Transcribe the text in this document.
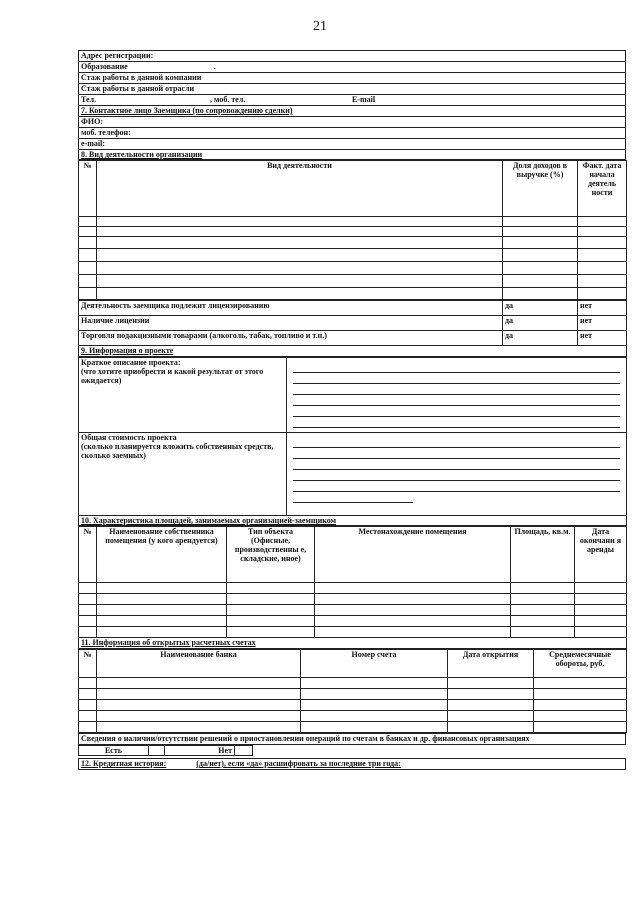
21
Адрес регистрации:
Образование	.
Стаж работы в данной компании
Стаж работы в данной отрасли
Тел.	, моб. тел.	E-mail

7. Контактное лицо Заемщика (по сопровождению сделки)
ФИО:
моб. телефон:
e-mail:
8. Вид деятельности организации
№	Вид деятельности	Доля доходов в выручке (%)	Факт. дата начала деятель ности

Деятельность заемщика подлежит лицензированию	да	нет
Наличие лицензии	да	нет
Торговля подакцизными товарами (алкоголь, табак, топливо и т.п.)	да	нет
9. Информация о проекте		
Краткое описание проекта:
(что хотите приобрести и какой результат от этого ожидается)	

Общая стоимость проекта
(сколько планируется вложить собственных средств, сколько заемных)	

10. Характеристика площадей, занимаемых организацией-заемщиком	
№	Наименование собственника помещения (у кого арендуется)	Тип объекта (Офисные, производственны е, складские, иное)	Местонахождение помещения	Площадь, кв.м.	Дата окончани я аренды

11. Информация об открытых расчетных счетах					
№	Наименование банка	Номер счета	Дата открытия	Среднемесячные обороты, руб.

Сведения о наличии/отсутствии решений о приостановлении операций по счетам в банках и др. финансовых организациях
Есть		Нет	
12. Кредитная история:	(да/нет), если «да» расшифровать за последние три года:
